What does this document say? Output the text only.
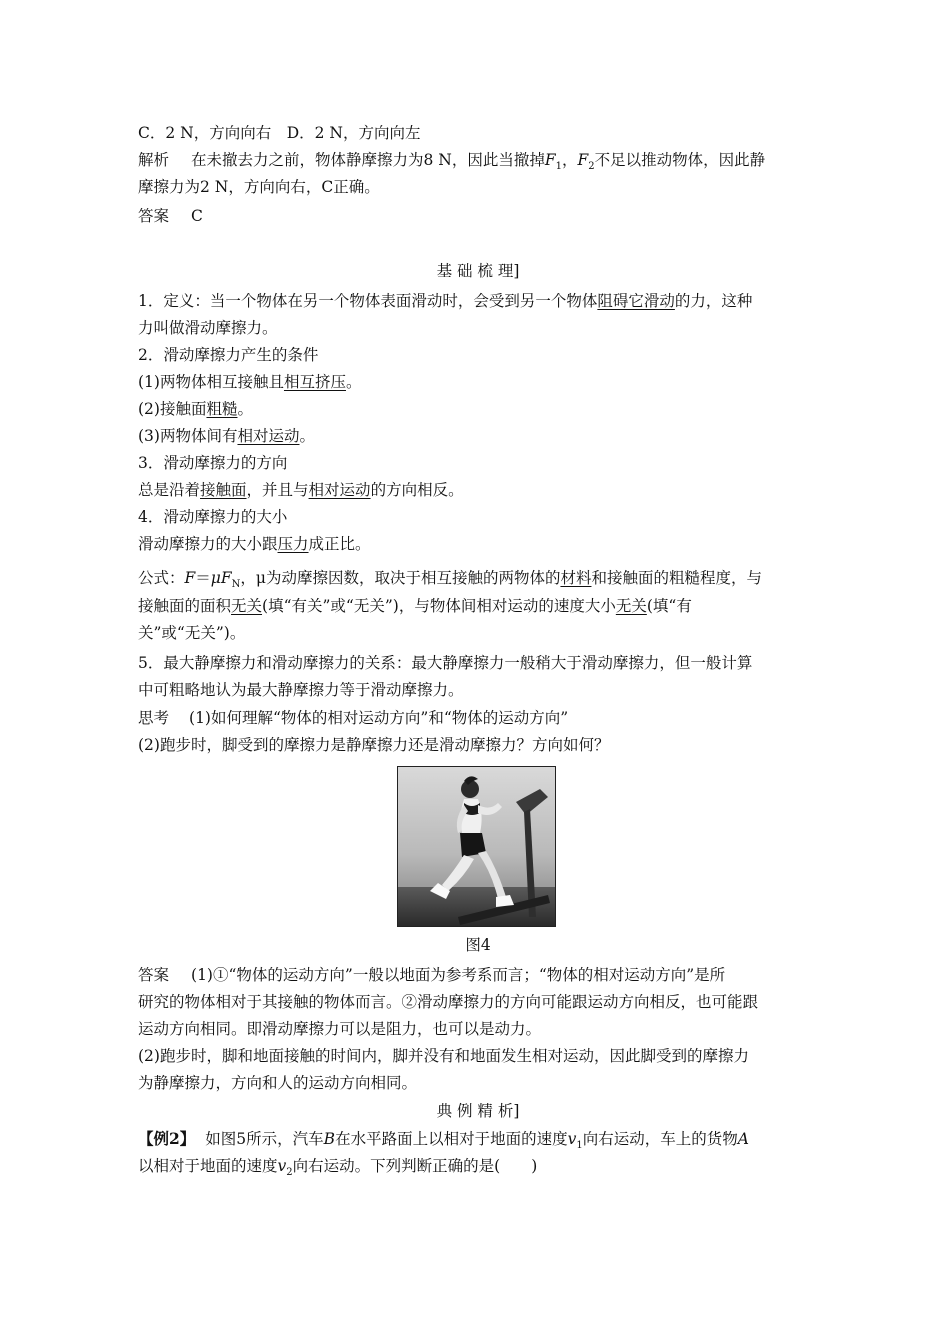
C．2 N，方向向右　D．2 N，方向向左
解析 在未撤去力之前，物体静摩擦力为8 N，因此当撤掉$F_1$，$F_2$不足以推动物体，因此静
摩擦力为2 N，方向向右，C正确。
答案 C
基 础 梳 理]
1．定义：当一个物体在另一个物体表面滑动时，会受到另一个物体阻碍它滑动的力，这种
力叫做滑动摩擦力。
2．滑动摩擦力产生的条件
(1)两物体相互接触且相互挤压。
(2)接触面粗糙。
(3)两物体间有相对运动。
3．滑动摩擦力的方向
总是沿着接触面，并且与相对运动的方向相反。
4．滑动摩擦力的大小
滑动摩擦力的大小跟压力成正比。
公式：$F=\mu F_N$，μ为动摩擦因数，取决于相互接触的两物体的材料和接触面的粗糙程度，与
接触面的面积无关(填“有关”或“无关”)，与物体间相对运动的速度大小无关(填“有
关”或“无关”)。
5．最大静摩擦力和滑动摩擦力的关系：最大静摩擦力一般稍大于滑动摩擦力，但一般计算
中可粗略地认为最大静摩擦力等于滑动摩擦力。
思考 (1)如何理解“物体的相对运动方向”和“物体的运动方向”
(2)跑步时，脚受到的摩擦力是静摩擦力还是滑动摩擦力？方向如何？
图4
答案 (1)①“物体的运动方向”一般以地面为参考系而言；“物体的相对运动方向”是所
研究的物体相对于其接触的物体而言。②滑动摩擦力的方向可能跟运动方向相反，也可能跟
运动方向相同。即滑动摩擦力可以是阻力，也可以是动力。
(2)跑步时，脚和地面接触的时间内，脚并没有和地面发生相对运动，因此脚受到的摩擦力
为静摩擦力，方向和人的运动方向相同。
典 例 精 析]
【例2】 如图5所示，汽车B在水平路面上以相对于地面的速度$v_1$向右运动，车上的货物A
以相对于地面的速度$v_2$向右运动。下列判断正确的是(　　)
